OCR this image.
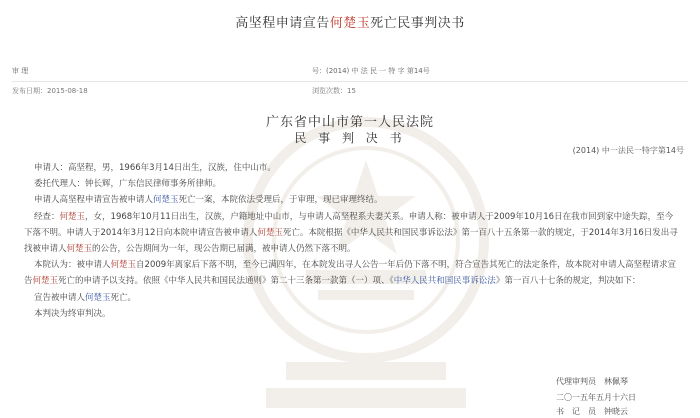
高坚程申请宣告何楚玉死亡民事判决书
审 理	号：(2014) 中 法 民 一 特 字 第14号
发布日期：2015-08-18	浏览次数：15
广东省中山市第一人民法院
民 事 判 决 书
(2014) 中一法民一特字第14号

申请人：高坚程，男，1966年3月14日出生，汉族，住中山市。

委托代理人：钟长辉，广东信民律师事务所律师。

申请人高坚程申请宣告被申请人何楚玉死亡一案，本院依法受理后，于审理，现已审理终结。

经查：何楚玉，女，1968年10月11日出生，汉族，户籍地址中山市，与申请人高坚程系夫妻关系。申请人称：被申请人于2009年10月16日在我市回到家中途失踪，至今下落不明。申请人于2014年3月12日向本院申请宣告被申请人何楚玉死亡。本院根据《中华人民共和国民事诉讼法》第一百八十五条第一款的规定，于2014年3月16日发出寻找被申请人何楚玉的公告，公告期间为一年，现公告期已届满，被申请人仍然下落不明。

本院认为：被申请人何楚玉自2009年离家后下落不明，至今已满四年，在本院发出寻人公告一年后仍下落不明，符合宣告其死亡的法定条件，故本院对申请人高坚程请求宣告何楚玉死亡的申请予以支持。依照《中华人民共和国民法通则》第二十三条第一款第（一）项、《中华人民共和国民事诉讼法》第一百八十七条的规定，判决如下：

宣告被申请人何楚玉死亡。

本判决为终审判决。

代理审判员　林佩琴
二〇一五年五月十六日
书　记　员　钟晓云
